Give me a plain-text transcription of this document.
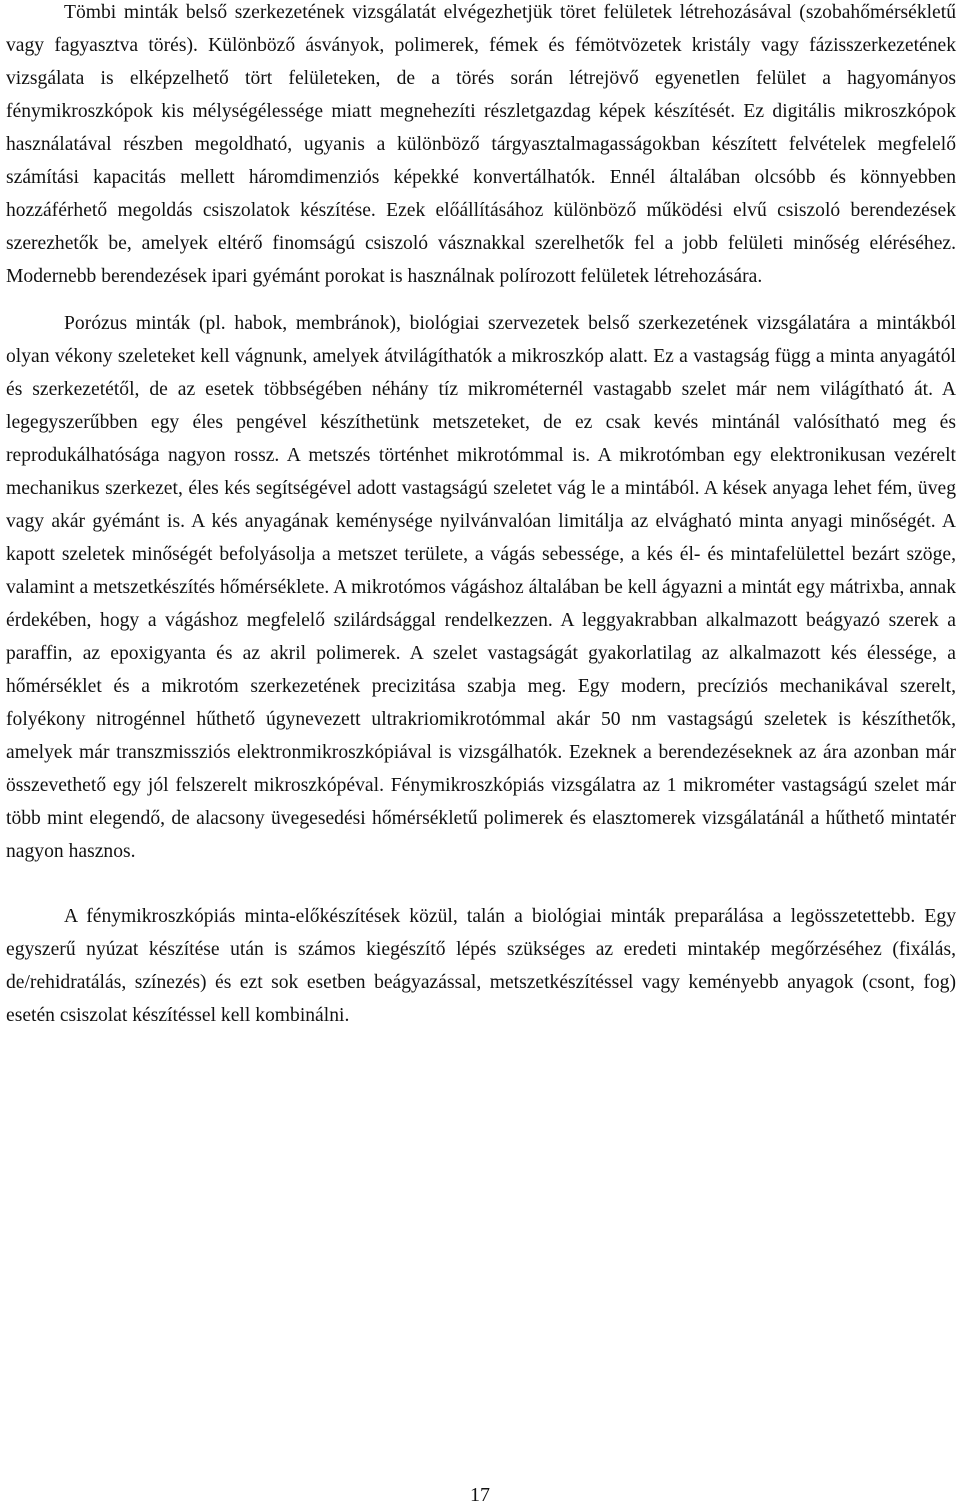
Tömbi minták belső szerkezetének vizsgálatát elvégezhetjük töret felületek létrehozásával (szobahőmérsékletű vagy fagyasztva törés). Különböző ásványok, polimerek, fémek és fémötvözetek kristály vagy fázisszerkezetének vizsgálata is elképzelhető tört felületeken, de a törés során létrejövő egyenetlen felület a hagyományos fénymikroszkópok kis mélységélessége miatt megnehezíti részletgazdag képek készítését. Ez digitális mikroszkópok használatával részben megoldható, ugyanis a különböző tárgyasztalmagasságokban készített felvételek megfelelő számítási kapacitás mellett háromdimenziós képekké konvertálhatók. Ennél általában olcsóbb és könnyebben hozzáférhető megoldás csiszolatok készítése. Ezek előállításához különböző működési elvű csiszoló berendezések szerezhetők be, amelyek eltérő finomságú csiszoló vásznakkal szerelhetők fel a jobb felületi minőség eléréséhez. Modernebb berendezések ipari gyémánt porokat is használnak polírozott felületek létrehozására.

Porózus minták (pl. habok, membránok), biológiai szervezetek belső szerkezetének vizsgálatára a mintákból olyan vékony szeleteket kell vágnunk, amelyek átvilágíthatók a mikroszkóp alatt. Ez a vastagság függ a minta anyagától és szerkezetétől, de az esetek többségében néhány tíz mikrométernél vastagabb szelet már nem világítható át. A legegyszerűbben egy éles pengével készíthetünk metszeteket, de ez csak kevés mintánál valósítható meg és reprodukálhatósága nagyon rossz. A metszés történhet mikrotómmal is. A mikrotómban egy elektronikusan vezérelt mechanikus szerkezet, éles kés segítségével adott vastagságú szeletet vág le a mintából. A kések anyaga lehet fém, üveg vagy akár gyémánt is. A kés anyagának keménysége nyilvánvalóan limitálja az elvágható minta anyagi minőségét. A kapott szeletek minőségét befolyásolja a metszet területe, a vágás sebessége, a kés él- és mintafelülettel bezárt szöge, valamint a metszetkészítés hőmérséklete. A mikrotómos vágáshoz általában be kell ágyazni a mintát egy mátrixba, annak érdekében, hogy a vágáshoz megfelelő szilárdsággal rendelkezzen. A leggyakrabban alkalmazott beágyazó szerek a paraffin, az epoxigyanta és az akril polimerek. A szelet vastagságát gyakorlatilag az alkalmazott kés élessége, a hőmérséklet és a mikrotóm szerkezetének precizitása szabja meg. Egy modern, precíziós mechanikával szerelt, folyékony nitrogénnel hűthető úgynevezett ultrakriomikrotómmal akár 50 nm vastagságú szeletek is készíthetők, amelyek már transzmissziós elektronmikroszkópiával is vizsgálhatók. Ezeknek a berendezéseknek az ára azonban már összevethető egy jól felszerelt mikroszkópéval. Fénymikroszkópiás vizsgálatra az 1 mikrométer vastagságú szelet már több mint elegendő, de alacsony üvegesedési hőmérsékletű polimerek és elasztomerek vizsgálatánál a hűthető mintatér nagyon hasznos.

A fénymikroszkópiás minta-előkészítések közül, talán a biológiai minták preparálása a legösszetettebb. Egy egyszerű nyúzat készítése után is számos kiegészítő lépés szükséges az eredeti mintakép megőrzéséhez (fixálás, de/rehidratálás, színezés) és ezt sok esetben beágyazással, metszetkészítéssel vagy keményebb anyagok (csont, fog) esetén csiszolat készítéssel kell kombinálni.

17
